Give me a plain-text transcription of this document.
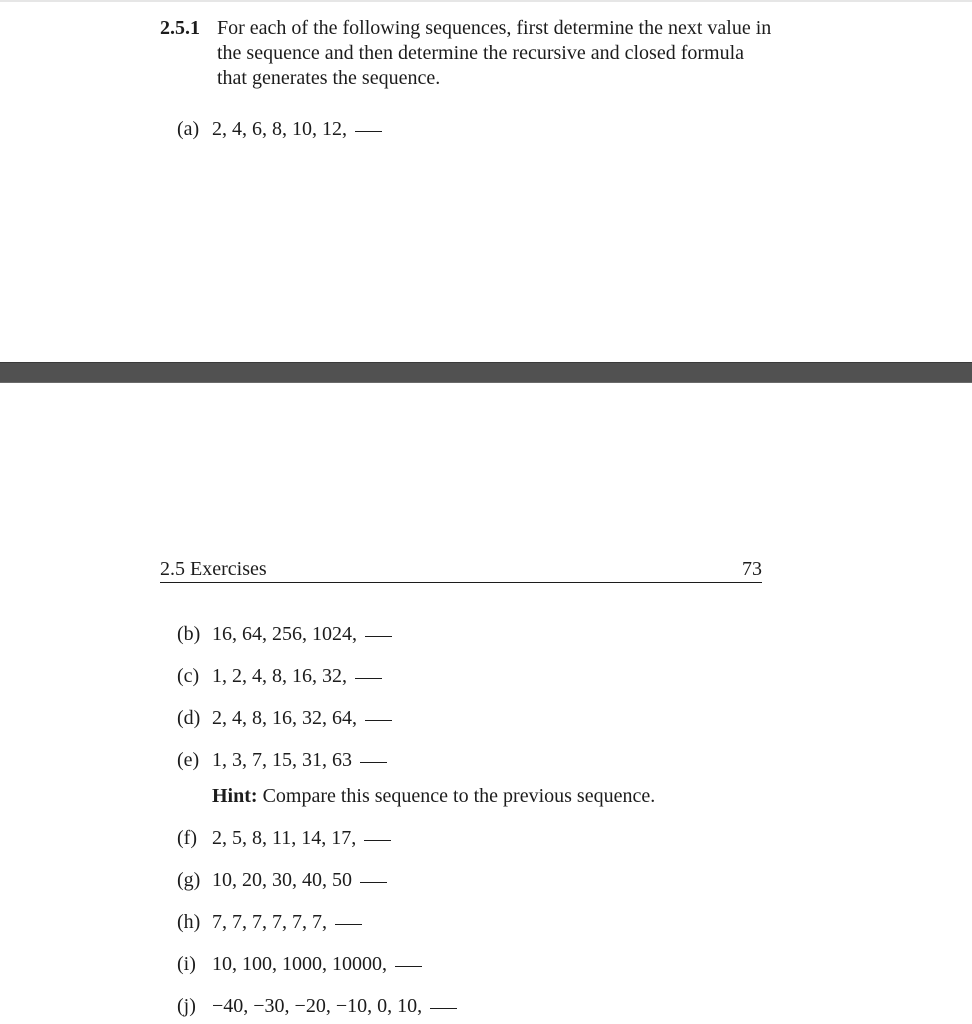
2.5.1 For each of the following sequences, first determine the next value in the sequence and then determine the recursive and closed formula that generates the sequence.
(a) 2, 4, 6, 8, 10, 12,
2.5 Exercises	73
(b) 16, 64, 256, 1024,
(c) 1, 2, 4, 8, 16, 32,
(d) 2, 4, 8, 16, 32, 64,
(e) 1, 3, 7, 15, 31, 63
Hint: Compare this sequence to the previous sequence.
(f) 2, 5, 8, 11, 14, 17,
(g) 10, 20, 30, 40, 50
(h) 7, 7, 7, 7, 7, 7,
(i) 10, 100, 1000, 10000,
(j) −40, −30, −20, −10, 0, 10,
